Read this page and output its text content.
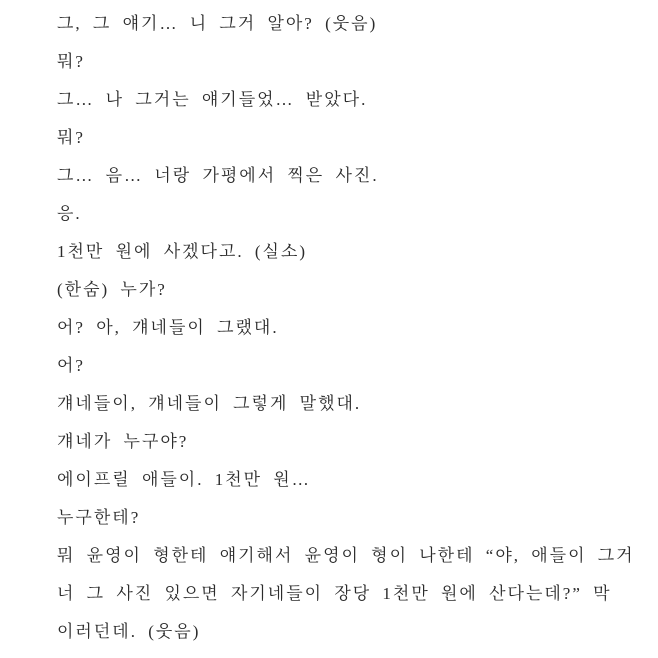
그, 그 얘기… 니 그거 알아? (웃음)

뭐?

그… 나 그거는 얘기들었… 받았다.

뭐?

그… 음… 너랑 가평에서 찍은 사진.

응.

1천만 원에 사겠다고. (실소)

(한숨) 누가?

어? 아, 걔네들이 그랬대.

어?

걔네들이, 걔네들이 그렇게 말했대.

걔네가 누구야?

에이프릴 애들이. 1천만 원…

누구한테?

뭐 윤영이 형한테 얘기해서 윤영이 형이 나한테 “야, 애들이 그거

너 그 사진 있으면 자기네들이 장당 1천만 원에 산다는데?” 막

이러던데. (웃음)
